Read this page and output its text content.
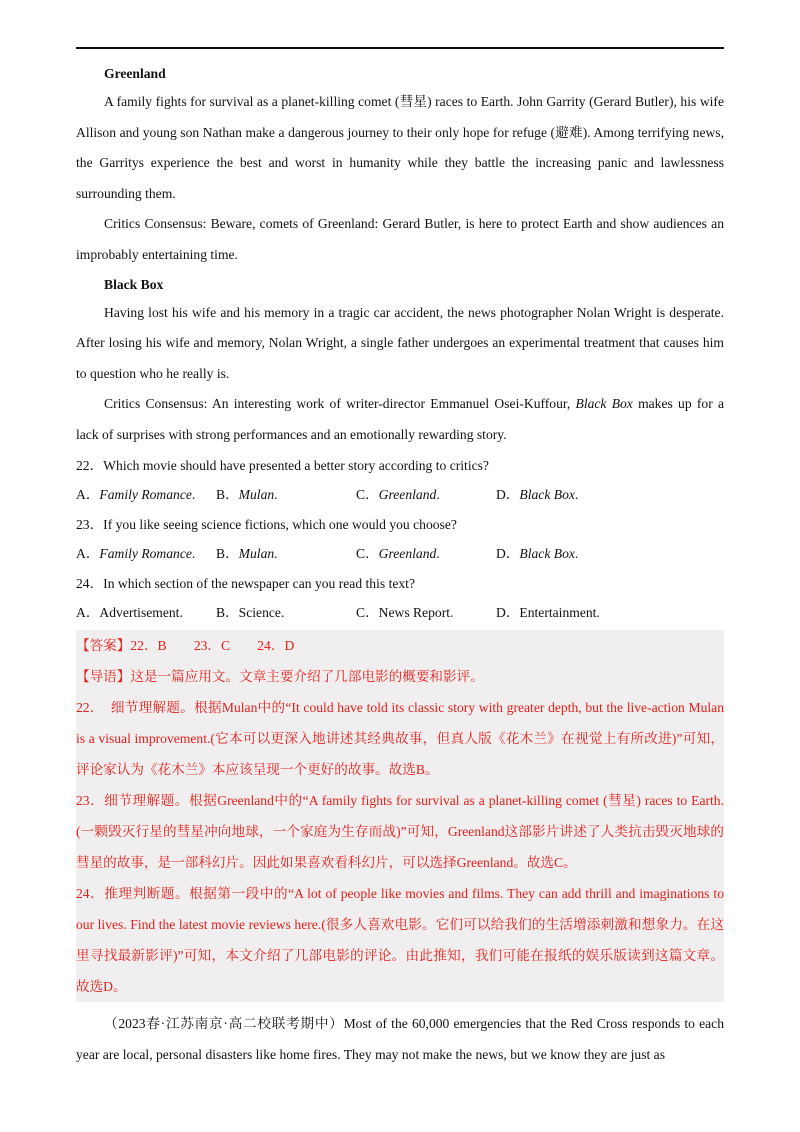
Greenland

A family fights for survival as a planet-killing comet (彗星) races to Earth. John Garrity (Gerard Butler), his wife Allison and young son Nathan make a dangerous journey to their only hope for refuge (避难). Among terrifying news, the Garritys experience the best and worst in humanity while they battle the increasing panic and lawlessness surrounding them.

Critics Consensus: Beware, comets of Greenland: Gerard Butler, is here to protect Earth and show audiences an improbably entertaining time.

Black Box

Having lost his wife and his memory in a tragic car accident, the news photographer Nolan Wright is desperate. After losing his wife and memory, Nolan Wright, a single father undergoes an experimental treatment that causes him to question who he really is.

Critics Consensus: An interesting work of writer-director Emmanuel Osei-Kuffour, Black Box makes up for a lack of surprises with strong performances and an emotionally rewarding story.

22．Which movie should have presented a better story according to critics?

A．Family Romance. B．Mulan.	C．Greenland.	D．Black Box.

23．If you like seeing science fictions, which one would you choose?

A．Family Romance. B．Mulan.	C．Greenland.	D．Black Box.

24．In which section of the newspaper can you read this text?

A．Advertisement. B．Science.	C．News Report.	D．Entertainment.

【答案】22．B　　23．C　　24．D

【导语】这是一篇应用文。文章主要介绍了几部电影的概要和影评。

22．　细节理解题。根据Mulan中的“It could have told its classic story with greater depth, but the live-action Mulan is a visual improvement.(它本可以更深入地讲述其经典故事，但真人版《花木兰》在视觉上有所改进)”可知，评论家认为《花木兰》本应该呈现一个更好的故事。故选B。

23．细节理解题。根据Greenland中的“A family fights for survival as a planet-killing comet (彗星) races to Earth.(一颗毁灭行星的彗星冲向地球，一个家庭为生存而战)”可知，Greenland这部影片讲述了人类抗击毁灭地球的彗星的故事，是一部科幻片。因此如果喜欢看科幻片，可以选择Greenland。故选C。

24．推理判断题。根据第一段中的“A lot of people like movies and films. They can add thrill and imaginations to our lives. Find the latest movie reviews here.(很多人喜欢电影。它们可以给我们的生活增添刺激和想象力。在这里寻找最新影评)”可知，本文介绍了几部电影的评论。由此推知，我们可能在报纸的娱乐版读到这篇文章。故选D。

（2023春·江苏南京·高二校联考期中）Most of the 60,000 emergencies that the Red Cross responds to each year are local, personal disasters like home fires. They may not make the news, but we know they are just as
